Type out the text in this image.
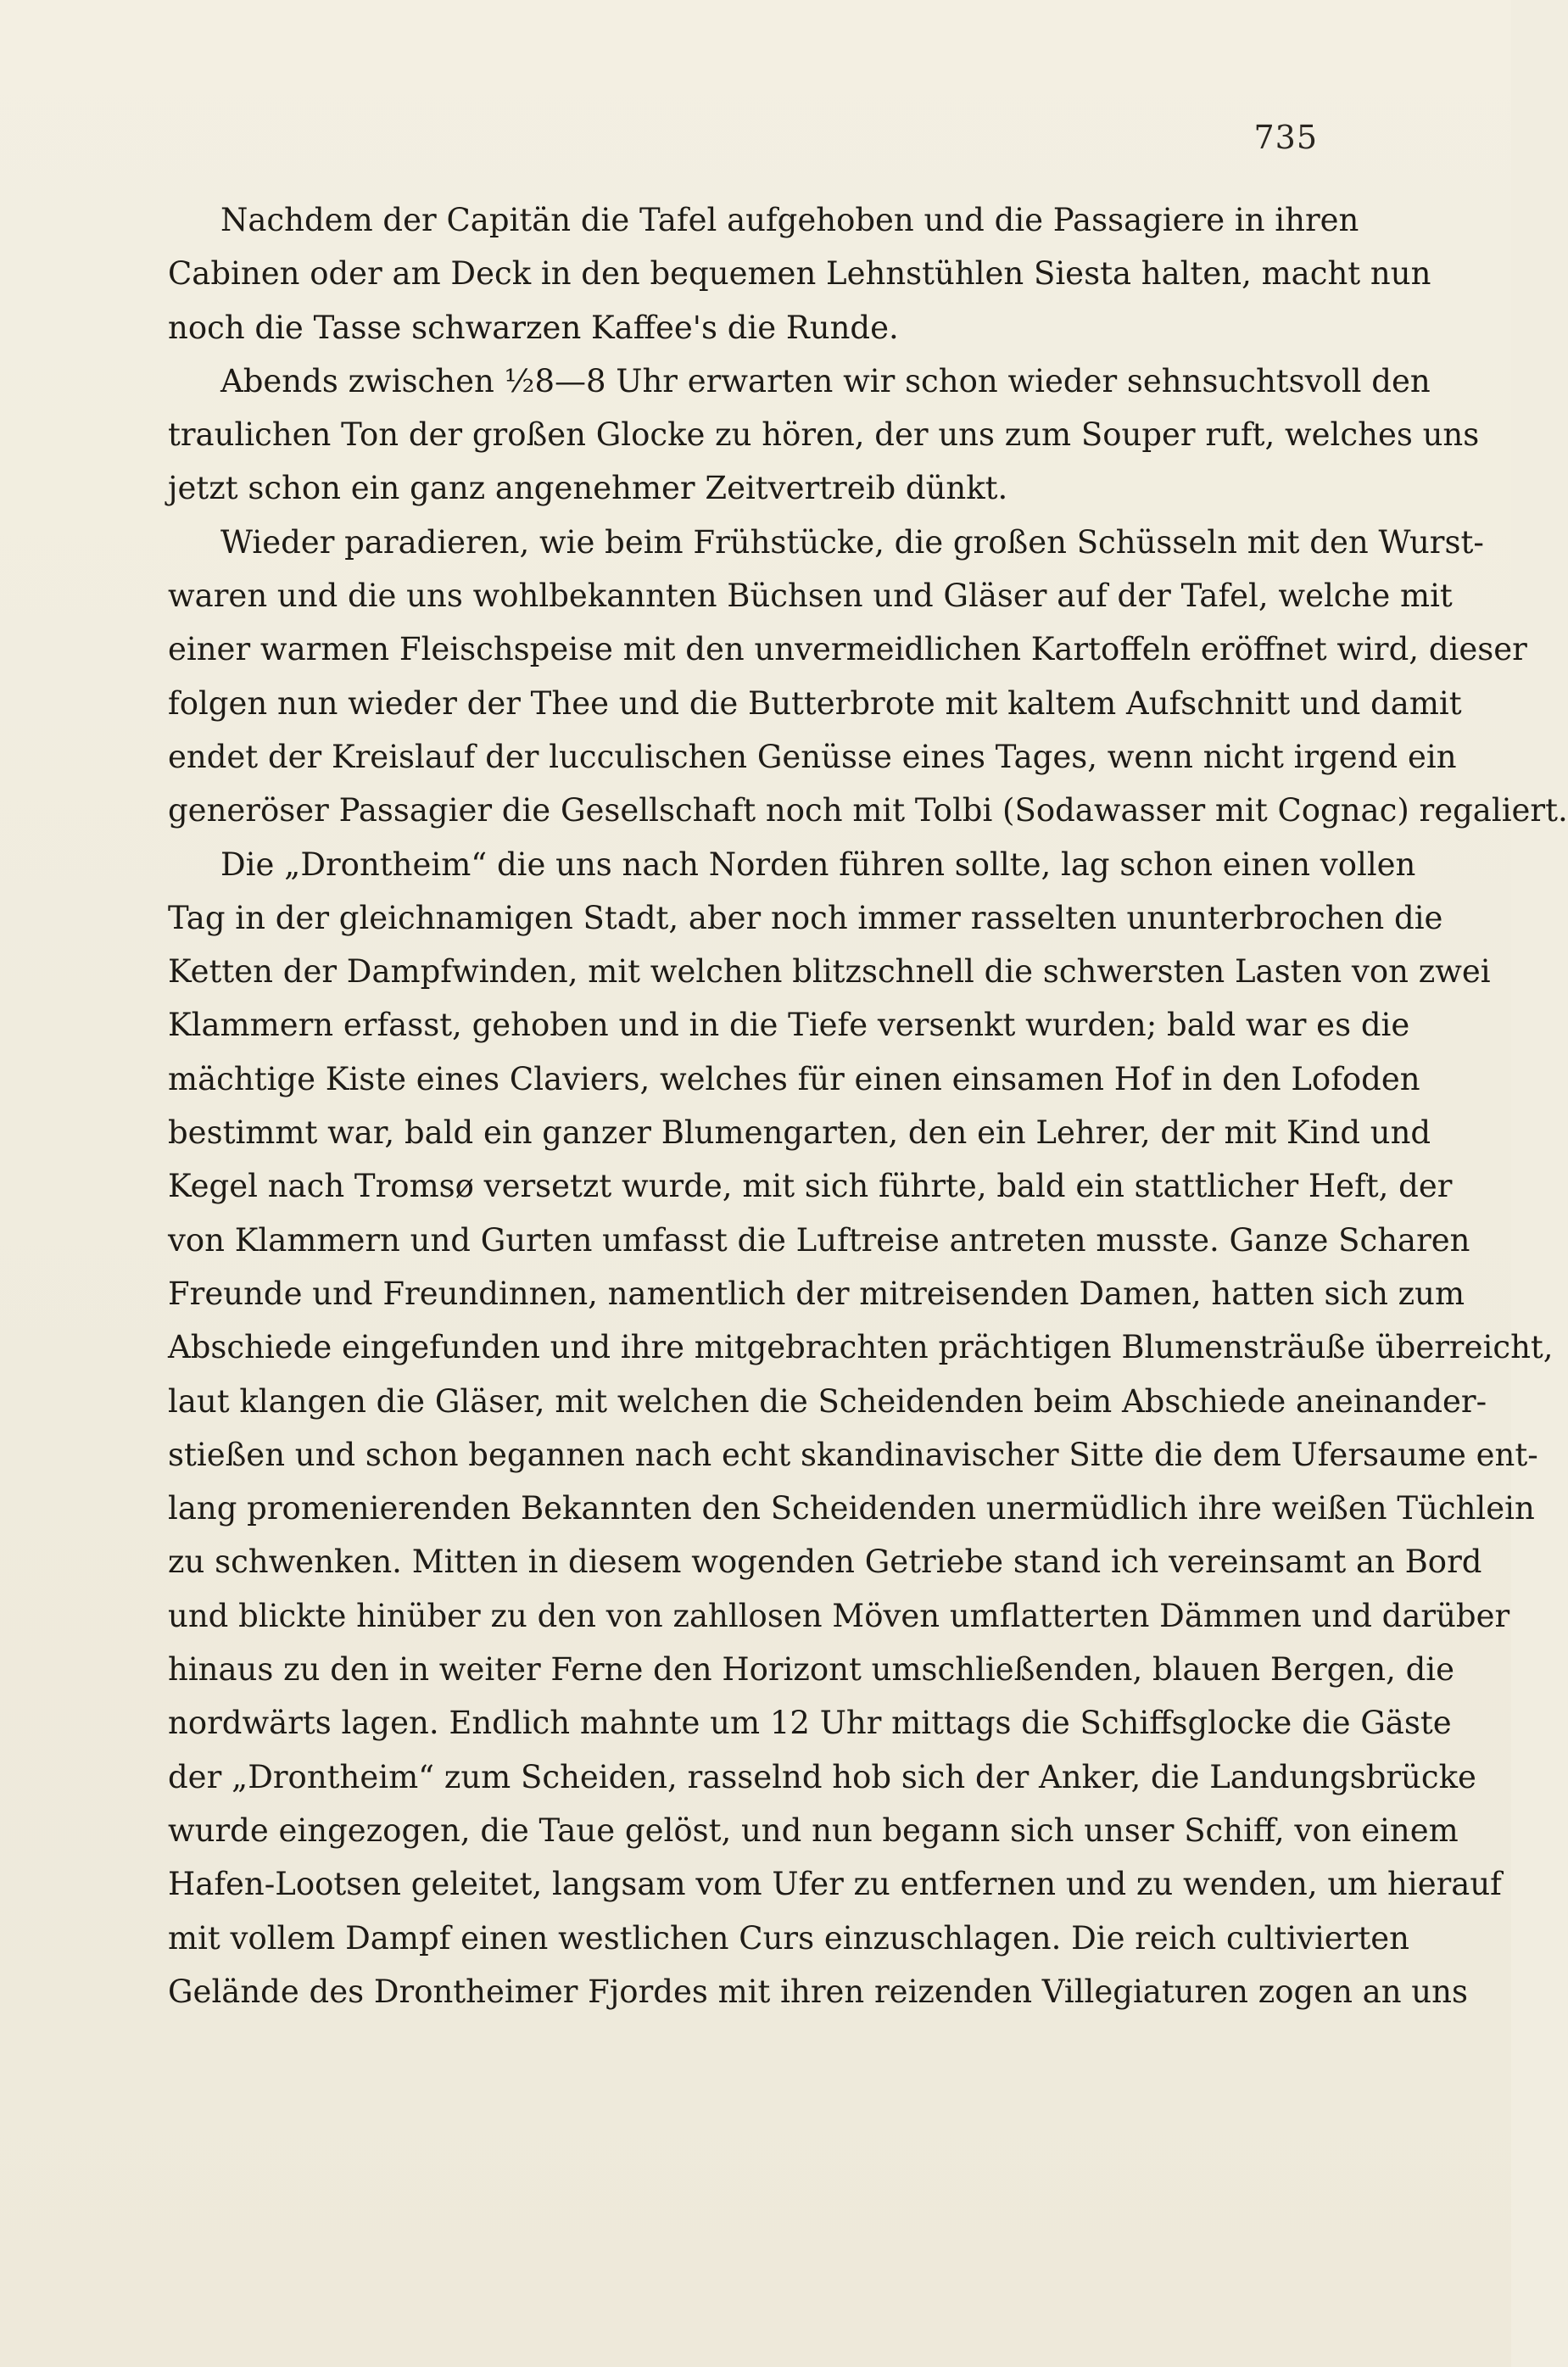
735
Nachdem der Capitän die Tafel aufgehoben und die Passagiere in ihren
Cabinen oder am Deck in den bequemen Lehnstühlen Siesta halten, macht nun
noch die Tasse schwarzen Kaffee's die Runde.
Abends zwischen ½8—8 Uhr erwarten wir schon wieder sehnsuchtsvoll den
traulichen Ton der großen Glocke zu hören, der uns zum Souper ruft, welches uns
jetzt schon ein ganz angenehmer Zeitvertreib dünkt.
Wieder paradieren, wie beim Frühstücke, die großen Schüsseln mit den Wurst-
waren und die uns wohlbekannten Büchsen und Gläser auf der Tafel, welche mit
einer warmen Fleischspeise mit den unvermeidlichen Kartoffeln eröffnet wird, dieser
folgen nun wieder der Thee und die Butterbrote mit kaltem Aufschnitt und damit
endet der Kreislauf der lucculischen Genüsse eines Tages, wenn nicht irgend ein
generöser Passagier die Gesellschaft noch mit Tolbi (Sodawasser mit Cognac) regaliert.
Die „Drontheim“ die uns nach Norden führen sollte, lag schon einen vollen
Tag in der gleichnamigen Stadt, aber noch immer rasselten ununterbrochen die
Ketten der Dampfwinden, mit welchen blitzschnell die schwersten Lasten von zwei
Klammern erfasst, gehoben und in die Tiefe versenkt wurden; bald war es die
mächtige Kiste eines Claviers, welches für einen einsamen Hof in den Lofoden
bestimmt war, bald ein ganzer Blumengarten, den ein Lehrer, der mit Kind und
Kegel nach Tromsø versetzt wurde, mit sich führte, bald ein stattlicher Heft, der
von Klammern und Gurten umfasst die Luftreise antreten musste. Ganze Scharen
Freunde und Freundinnen, namentlich der mitreisenden Damen, hatten sich zum
Abschiede eingefunden und ihre mitgebrachten prächtigen Blumensträuße überreicht,
laut klangen die Gläser, mit welchen die Scheidenden beim Abschiede aneinander-
stießen und schon begannen nach echt skandinavischer Sitte die dem Ufersaume ent-
lang promenierenden Bekannten den Scheidenden unermüdlich ihre weißen Tüchlein
zu schwenken. Mitten in diesem wogenden Getriebe stand ich vereinsamt an Bord
und blickte hinüber zu den von zahllosen Möven umflatterten Dämmen und darüber
hinaus zu den in weiter Ferne den Horizont umschließenden, blauen Bergen, die
nordwärts lagen. Endlich mahnte um 12 Uhr mittags die Schiffsglocke die Gäste
der „Drontheim“ zum Scheiden, rasselnd hob sich der Anker, die Landungsbrücke
wurde eingezogen, die Taue gelöst, und nun begann sich unser Schiff, von einem
Hafen-Lootsen geleitet, langsam vom Ufer zu entfernen und zu wenden, um hierauf
mit vollem Dampf einen westlichen Curs einzuschlagen. Die reich cultivierten
Gelände des Drontheimer Fjordes mit ihren reizenden Villegiaturen zogen an uns
